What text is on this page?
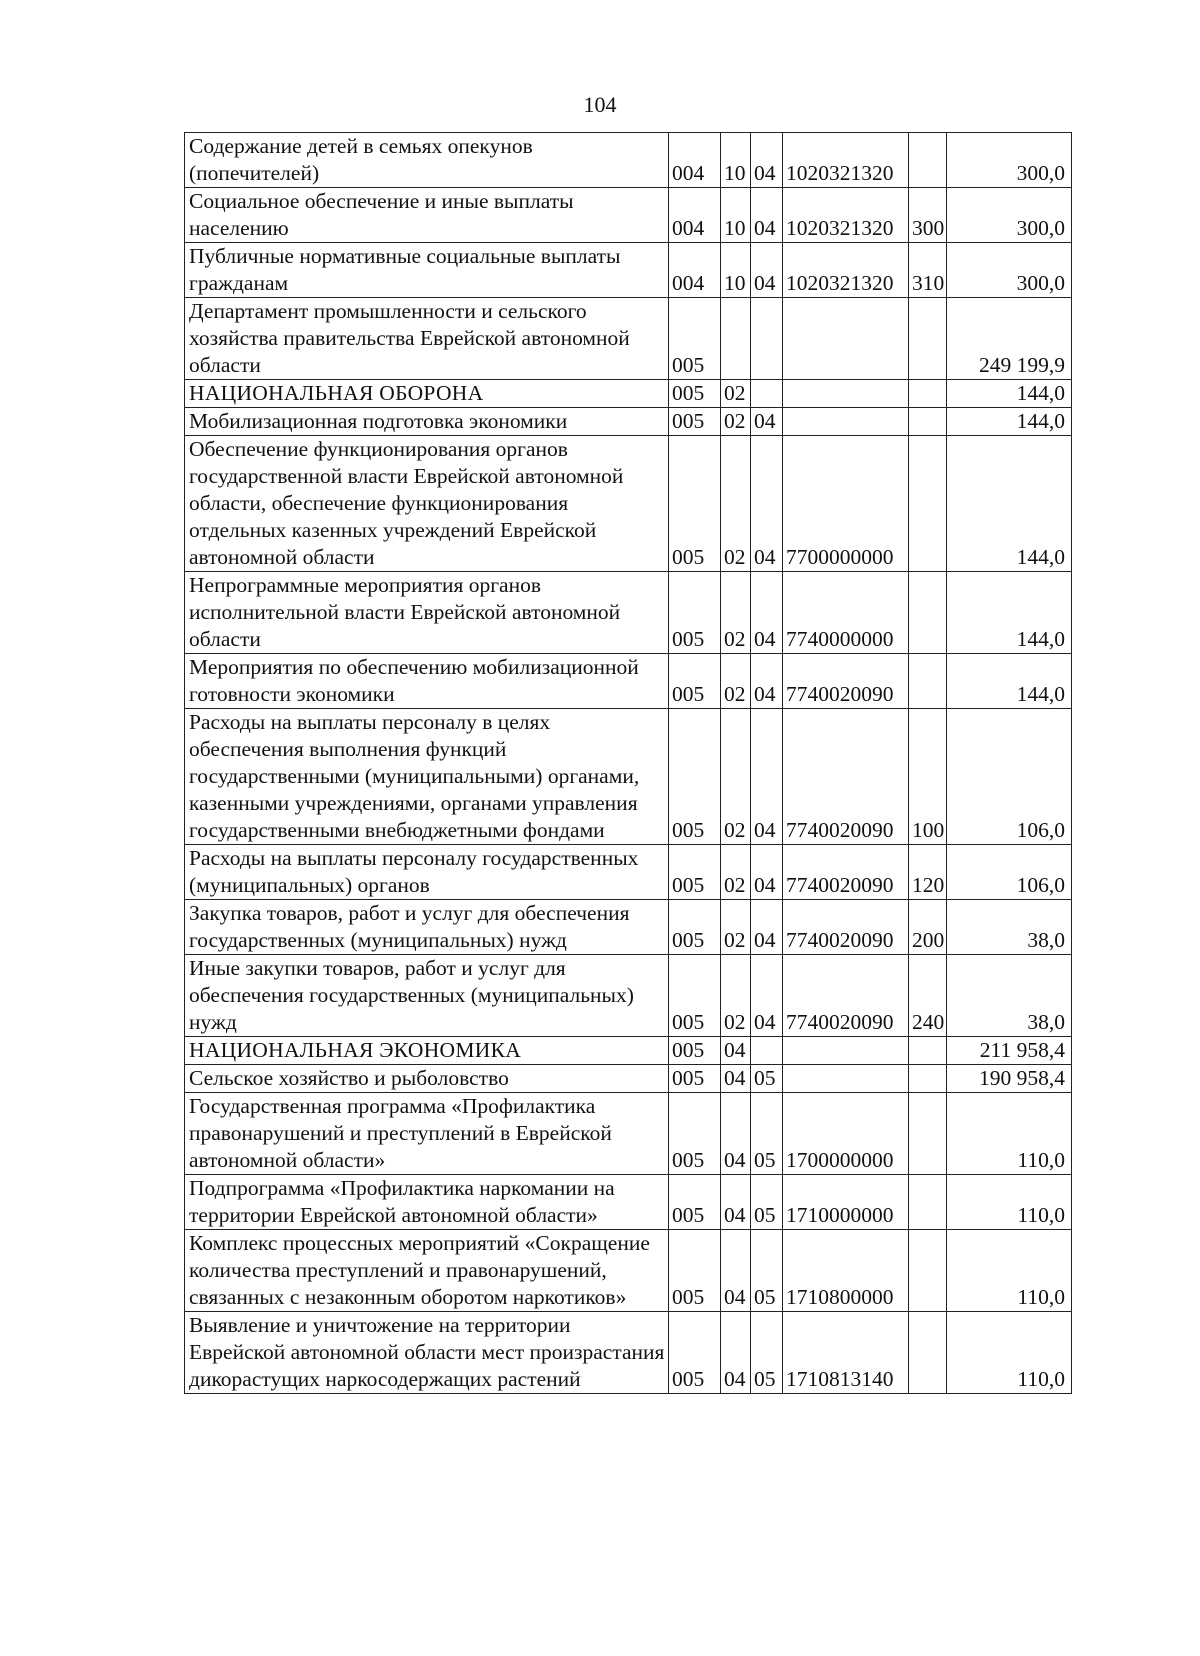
104
Содержание детей в семьях опекунов (попечителей)	004	10	04	1020321320		300,0
Социальное обеспечение и иные выплаты населению	004	10	04	1020321320	300	300,0
Публичные нормативные социальные выплаты гражданам	004	10	04	1020321320	310	300,0
Департамент промышленности и сельского хозяйства правительства Еврейской автономной области	005					249 199,9
НАЦИОНАЛЬНАЯ ОБОРОНА	005	02				144,0
Мобилизационная подготовка экономики	005	02	04			144,0
Обеспечение функционирования органов государственной власти Еврейской автономной области, обеспечение функционирования отдельных казенных учреждений Еврейской автономной области	005	02	04	7700000000		144,0
Непрограммные мероприятия органов исполнительной власти Еврейской автономной области	005	02	04	7740000000		144,0
Мероприятия по обеспечению мобилизационной готовности экономики	005	02	04	7740020090		144,0
Расходы на выплаты персоналу в целях обеспечения выполнения функций государственными (муниципальными) органами, казенными учреждениями, органами управления государственными внебюджетными фондами	005	02	04	7740020090	100	106,0
Расходы на выплаты персоналу государственных (муниципальных) органов	005	02	04	7740020090	120	106,0
Закупка товаров, работ и услуг для обеспечения государственных (муниципальных) нужд	005	02	04	7740020090	200	38,0
Иные закупки товаров, работ и услуг для обеспечения государственных (муниципальных) нужд	005	02	04	7740020090	240	38,0
НАЦИОНАЛЬНАЯ ЭКОНОМИКА	005	04				211 958,4
Сельское хозяйство и рыболовство	005	04	05			190 958,4
Государственная программа «Профилактика правонарушений и преступлений в Еврейской автономной области»	005	04	05	1700000000		110,0
Подпрограмма «Профилактика наркомании на территории Еврейской автономной области»	005	04	05	1710000000		110,0
Комплекс процессных мероприятий «Сокращение количества преступлений и правонарушений, связанных с незаконным оборотом наркотиков»	005	04	05	1710800000		110,0
Выявление и уничтожение на территории Еврейской автономной области мест произрастания дикорастущих наркосодержащих растений	005	04	05	1710813140		110,0
